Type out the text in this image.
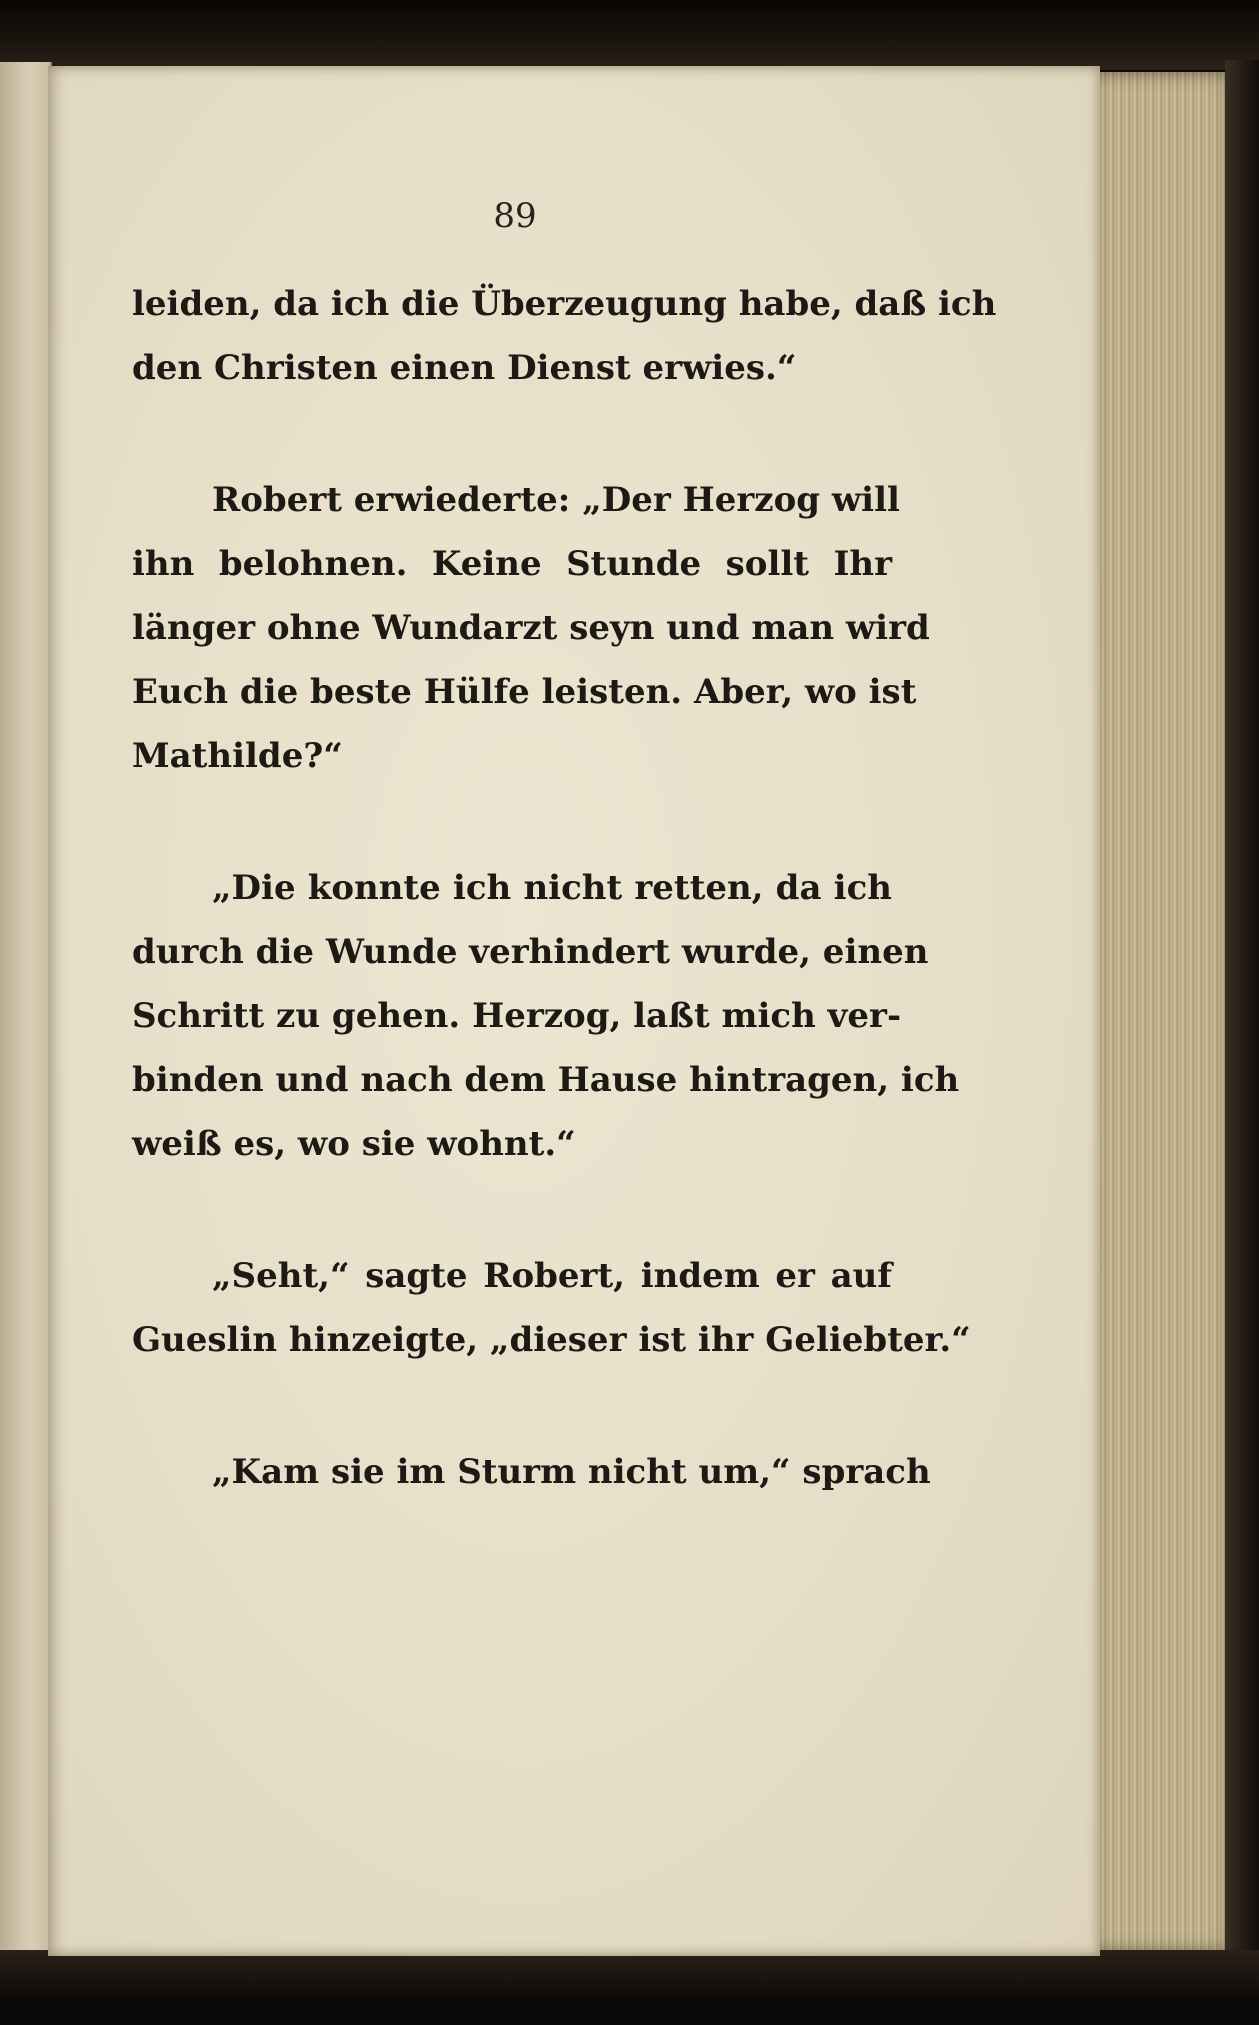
89
leiden, da ich die Überzeugung habe, daß ich
den Christen einen Dienst erwies.“
Robert erwiederte: „Der Herzog will
ihn belohnen. Keine Stunde sollt Ihr
länger ohne Wundarzt seyn und man wird
Euch die beste Hülfe leisten. Aber, wo ist
Mathilde?“
„Die konnte ich nicht retten, da ich
durch die Wunde verhindert wurde, einen
Schritt zu gehen. Herzog, laßt mich ver-
binden und nach dem Hause hintragen, ich
weiß es, wo sie wohnt.“
„Seht,“ sagte Robert, indem er auf
Gueslin hinzeigte, „dieser ist ihr Geliebter.“
„Kam sie im Sturm nicht um,“ sprach
